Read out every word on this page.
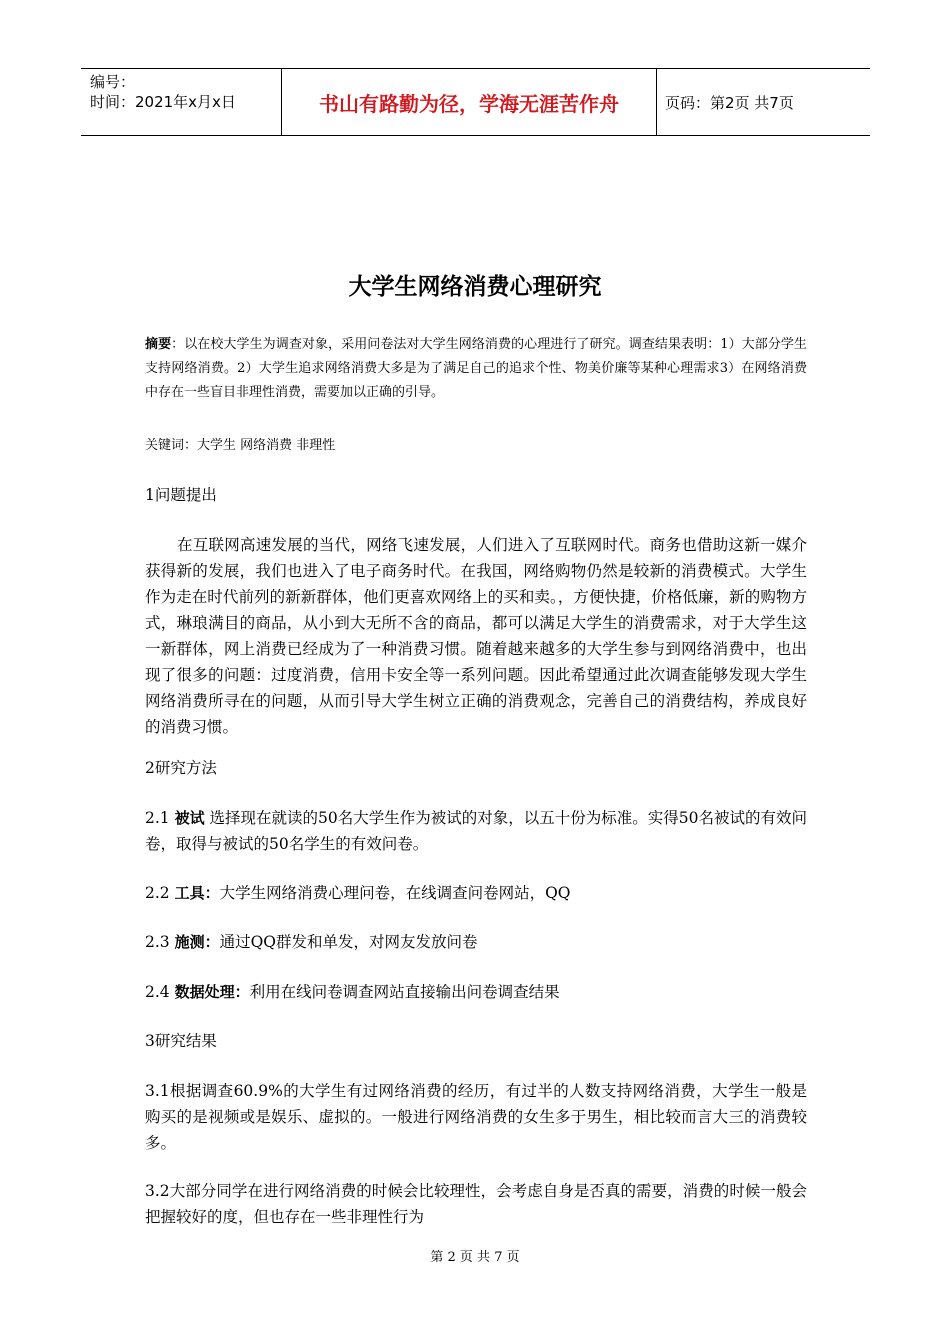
编号：
时间：2021年x月x日	书山有路勤为径，学海无涯苦作舟	页码：第2页 共7页
大学生网络消费心理研究
摘要：以在校大学生为调查对象，采用问卷法对大学生网络消费的心理进行了研究。调查结果表明：1）大部分学生支持网络消费。2）大学生追求网络消费大多是为了满足自己的追求个性、物美价廉等某种心理需求3）在网络消费中存在一些盲目非理性消费，需要加以正确的引导。
关键词：大学生 网络消费 非理性
1问题提出
在互联网高速发展的当代，网络飞速发展，人们进入了互联网时代。商务也借助这新一媒介获得新的发展，我们也进入了电子商务时代。在我国，网络购物仍然是较新的消费模式。大学生作为走在时代前列的新新群体，他们更喜欢网络上的买和卖。，方便快捷，价格低廉，新的购物方式，琳琅满目的商品，从小到大无所不含的商品，都可以满足大学生的消费需求，对于大学生这一新群体，网上消费已经成为了一种消费习惯。随着越来越多的大学生参与到网络消费中，也出现了很多的问题：过度消费，信用卡安全等一系列问题。因此希望通过此次调查能够发现大学生网络消费所寻在的问题，从而引导大学生树立正确的消费观念，完善自己的消费结构，养成良好的消费习惯。
2研究方法
2.1 被试 选择现在就读的50名大学生作为被试的对象，以五十份为标准。实得50名被试的有效问卷，取得与被试的50名学生的有效问卷。
2.2 工具：大学生网络消费心理问卷，在线调查问卷网站，QQ
2.3 施测：通过QQ群发和单发，对网友发放问卷
2.4 数据处理：利用在线问卷调查网站直接输出问卷调查结果
3研究结果
3.1根据调查60.9%的大学生有过网络消费的经历，有过半的人数支持网络消费，大学生一般是购买的是视频或是娱乐、虚拟的。一般进行网络消费的女生多于男生，相比较而言大三的消费较多。
3.2大部分同学在进行网络消费的时候会比较理性，会考虑自身是否真的需要，消费的时候一般会把握较好的度，但也存在一些非理性行为
第 2 页 共 7 页
